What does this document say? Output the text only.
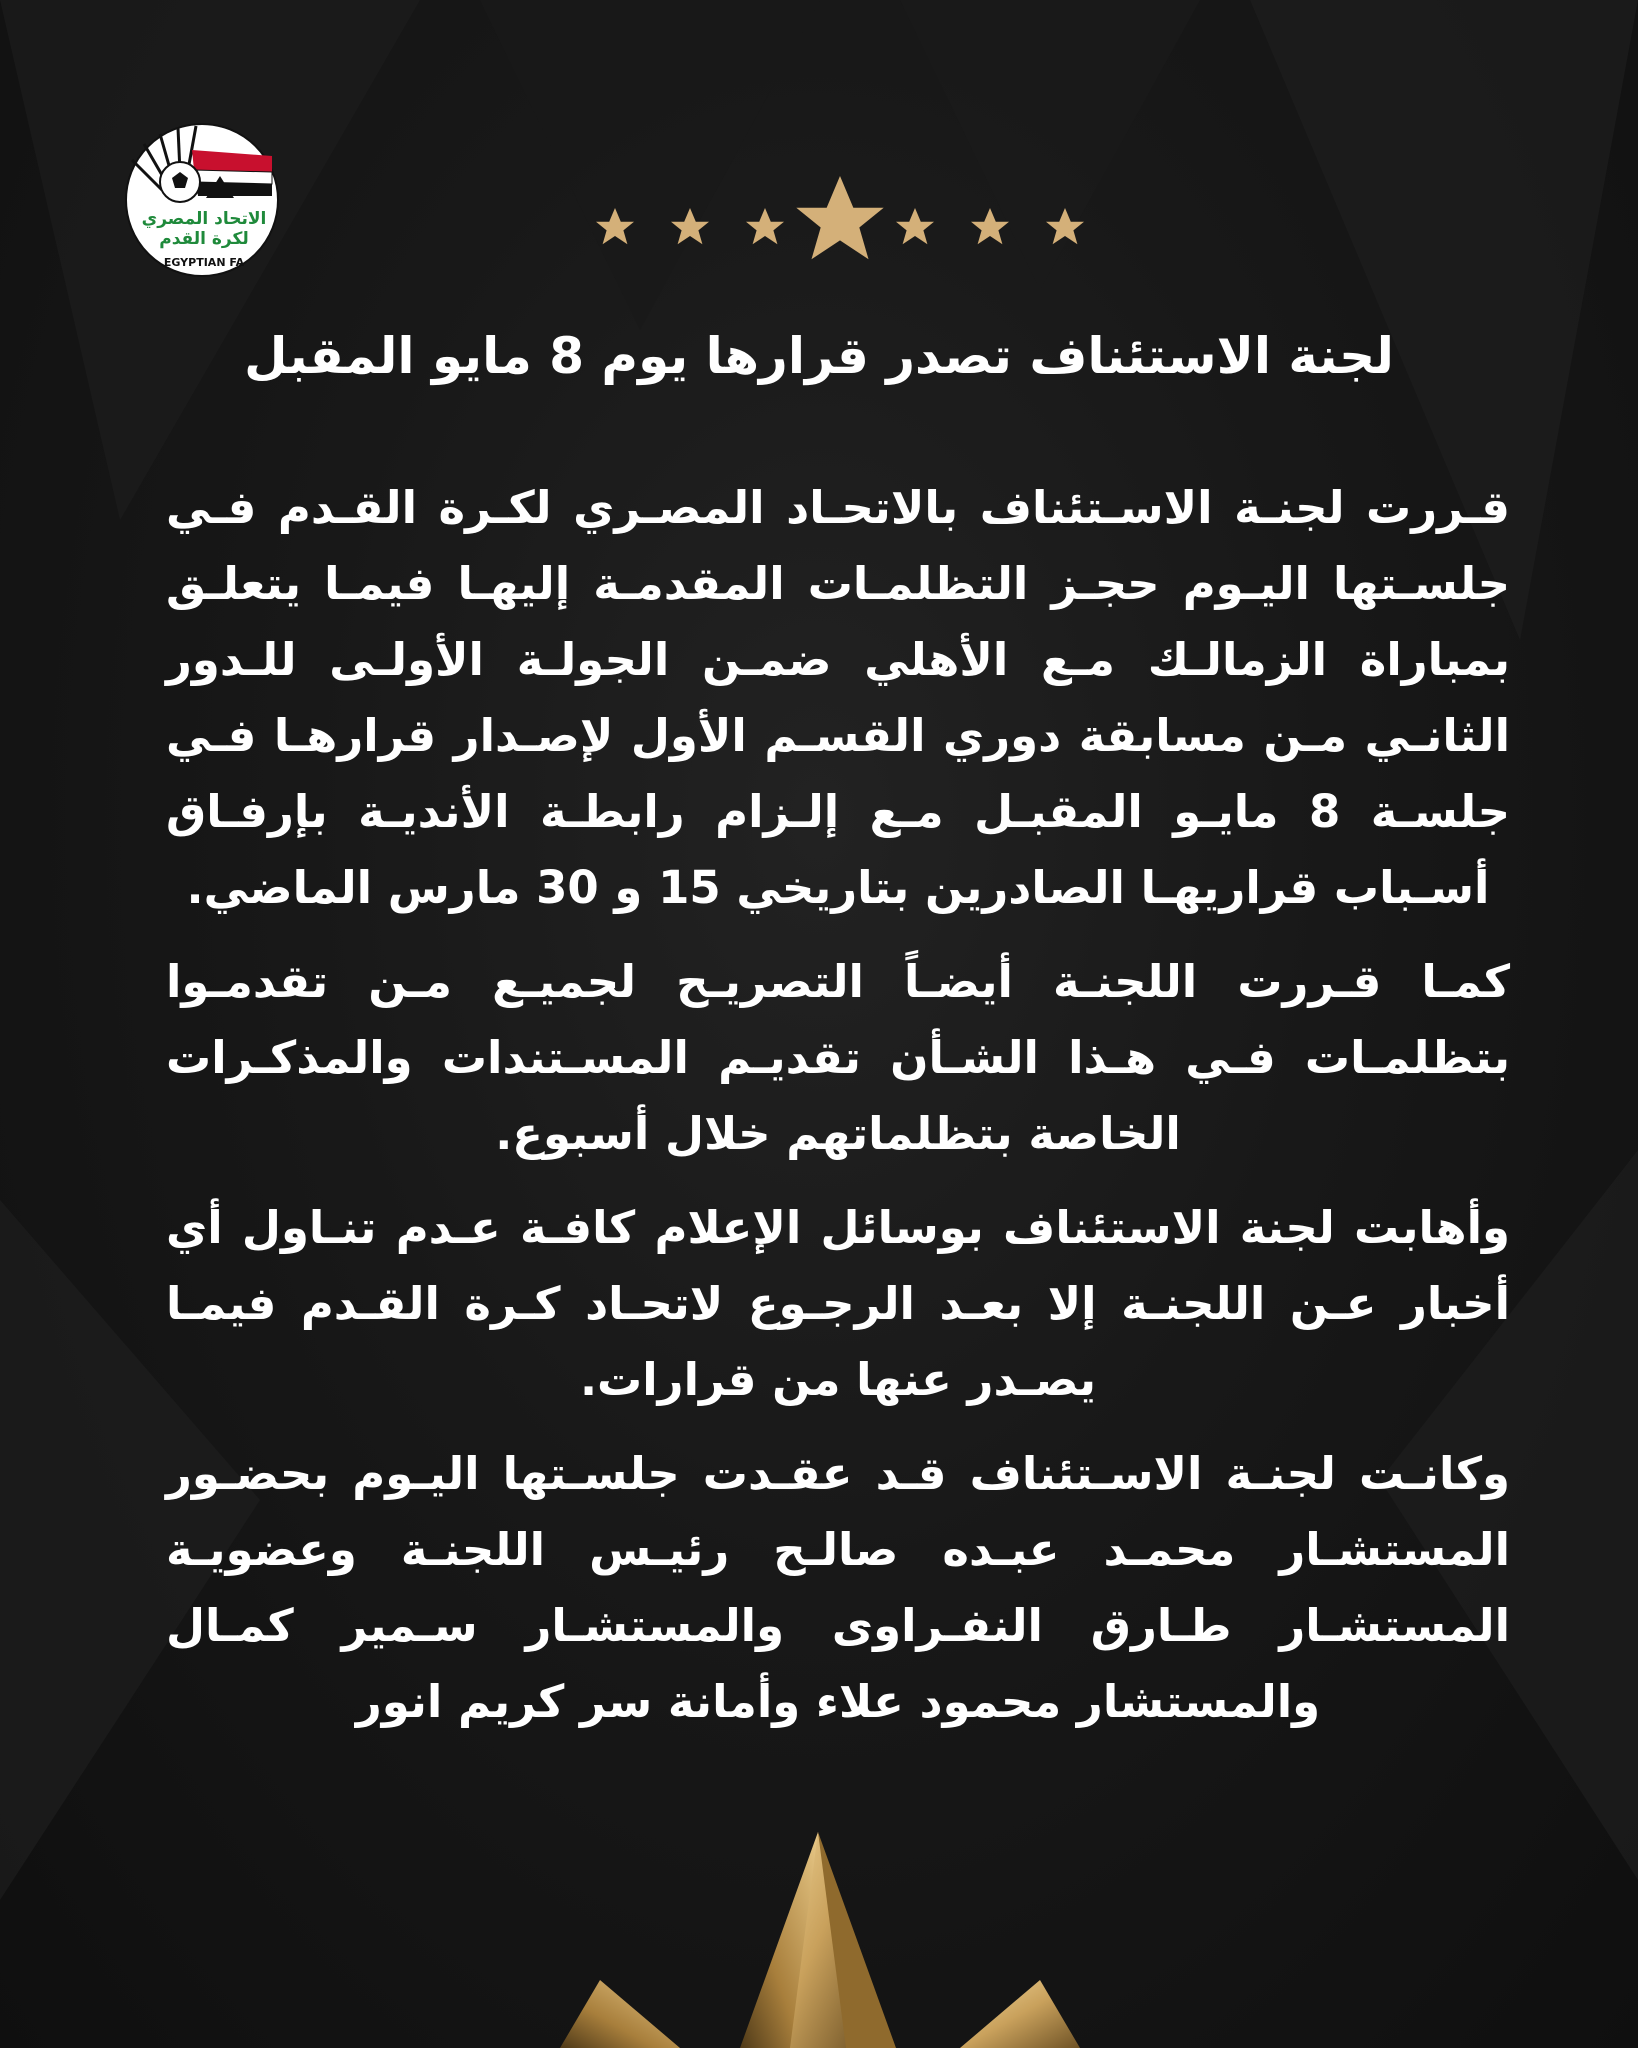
الاتحاد المصري
لكرة القدم
EGYPTIAN FA
لجنة الاستئناف تصدر قرارها يوم 8 مايو المقبل

قـررت لجنـة الاسـتئناف بالاتحـاد المصـري لكـرة القـدم فـي جلسـتها اليـوم حجـز التظلمـات المقدمـة إليهـا فيمـا يتعلـق بمباراة الزمالـك مـع الأهلي ضمـن الجولـة الأولـى للـدور الثانـي مـن مسابقة دوري القسـم الأول لإصـدار قرارهـا فـي جلسـة 8 مايـو المقبـل مـع إلـزام رابطـة الأنديـة بإرفـاق أسـباب قراريهـا الصادرين بتاريخي 15 و 30 مارس الماضي.

كمـا قـررت اللجنـة أيضـاً التصريـح لجميـع مـن تقدمـوا بتظلمـات فـي هـذا الشـأن تقديـم المسـتندات والمذكـرات الخاصة بتظلماتهم خلال أسبوع.

وأهابت لجنة الاستئناف بوسائل الإعلام كافـة عـدم تنـاول أي أخبار عـن اللجنـة إلا بعـد الرجـوع لاتحـاد كـرة القـدم فيمـا يصـدر عنها من قرارات.

وكانـت لجنـة الاسـتئناف قـد عقـدت جلسـتها اليـوم بحضـور المستشـار محمـد عبـده صالـح رئيـس اللجنـة وعضويـة المستشـار طـارق النفـراوى والمستشـار سـمير كمـال والمستشار محمود علاء وأمانة سر كريم انور
